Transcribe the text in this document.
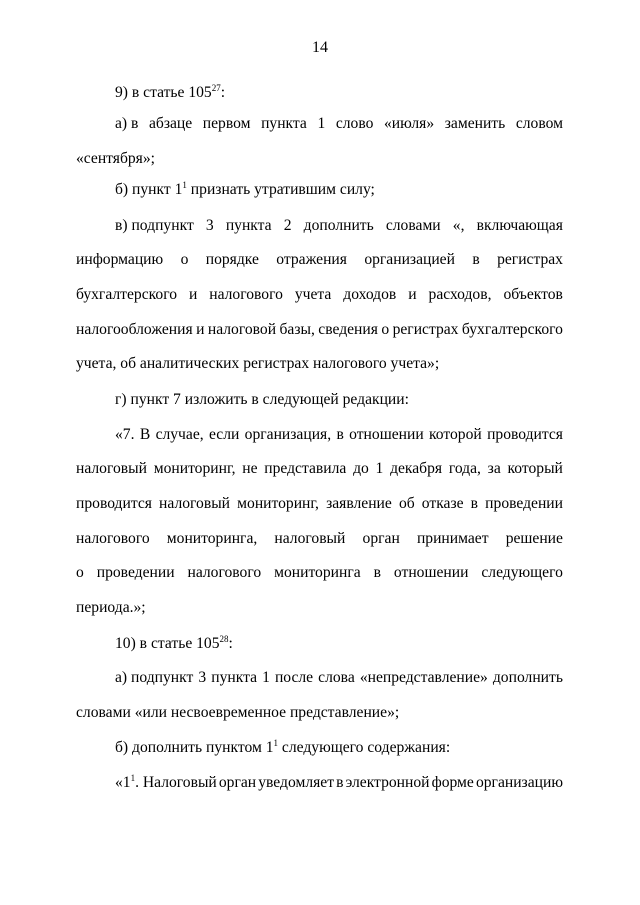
14
9) в статье $105^{27}$:
а) в абзаце первом пункта 1 слово «июля» заменить словом
«сентября»;
б) пункт $1^1$ признать утратившим силу;
в) подпункт 3 пункта 2 дополнить словами «, включающая
информацию о порядке отражения организацией в регистрах
бухгалтерского и налогового учета доходов и расходов, объектов
налогообложения и налоговой базы, сведения о регистрах бухгалтерского
учета, об аналитических регистрах налогового учета»;
г) пункт 7 изложить в следующей редакции:
«7. В случае, если организация, в отношении которой проводится
налоговый мониторинг, не представила до 1 декабря года, за который
проводится налоговый мониторинг, заявление об отказе в проведении
налогового мониторинга, налоговый орган принимает решение
о проведении налогового мониторинга в отношении следующего
периода.»;
10) в статье $105^{28}$:
а) подпункт 3 пункта 1 после слова «непредставление» дополнить
словами «или несвоевременное представление»;
б) дополнить пунктом $1^1$ следующего содержания:
«$1^1$. Налоговый орган уведомляет в электронной форме организацию
